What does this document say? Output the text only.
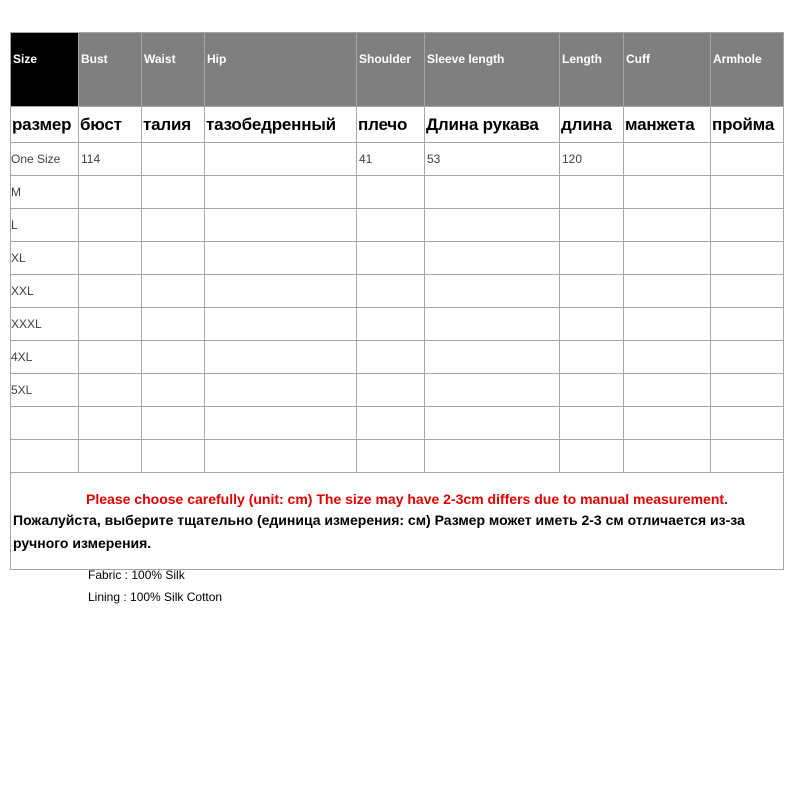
Size	Bust	Waist	Hip	Shoulder	Sleeve length	Length	Cuff	Armhole
размер	бюст	талия	тазобедренный	плечо	Длина рукава	длина	манжета	пройма
One Size	114			41	53	120		
M								
L								
XL								
XXL								
XXXL								
4XL								
5XL								

Please choose carefully (unit: cm) The size may have 2-3cm differs due to manual measurement.
Пожалуйста, выберите тщательно (единица измерения: см) Размер может иметь 2-3 см отличается из-за ручного измерения.								
Fabric : 100% Silk
Lining : 100% Silk Cotton
